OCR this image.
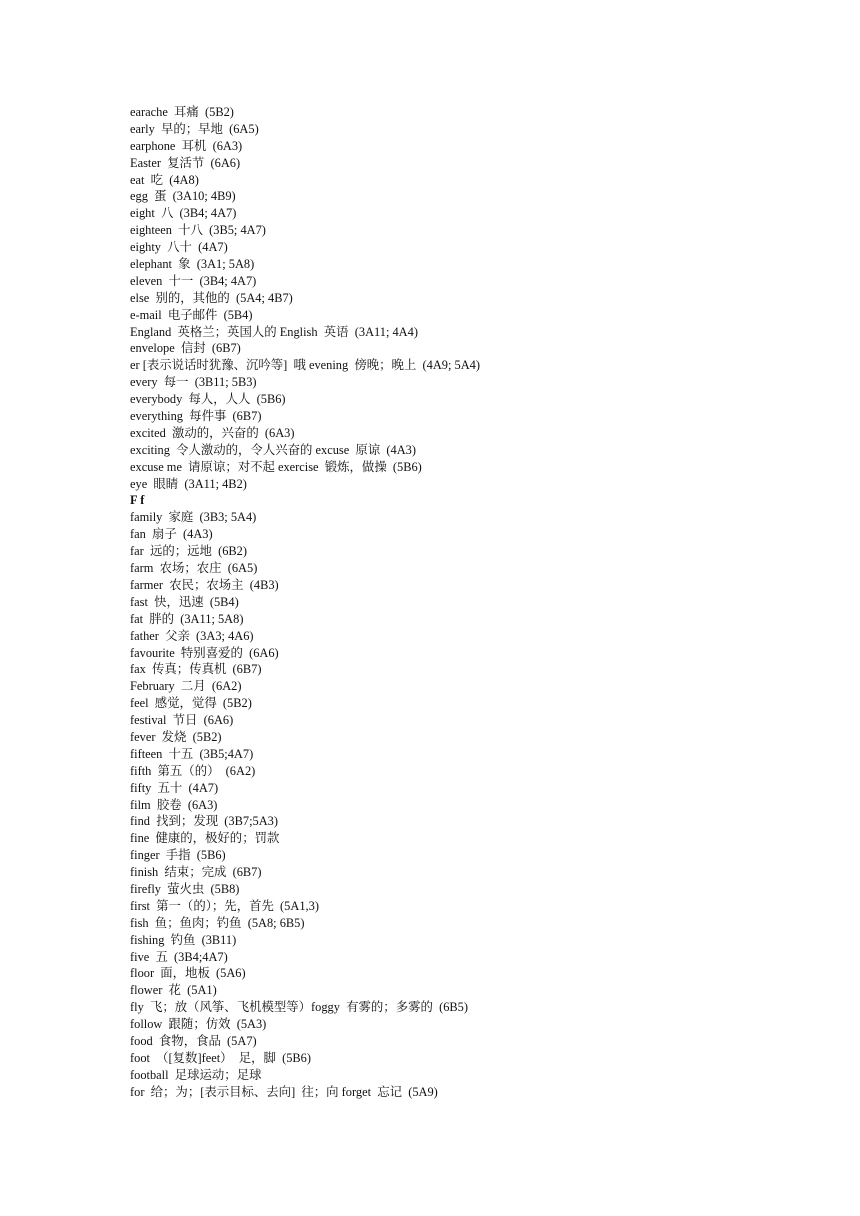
earache  耳痛  (5B2)
early  早的；早地  (6A5)
earphone  耳机  (6A3)
Easter  复活节  (6A6)
eat  吃  (4A8)
egg  蛋  (3A10; 4B9)
eight  八  (3B4; 4A7)
eighteen  十八  (3B5; 4A7)
eighty  八十  (4A7)
elephant  象  (3A1; 5A8)
eleven  十一  (3B4; 4A7)
else  别的，其他的  (5A4; 4B7)
e-mail  电子邮件  (5B4)
England  英格兰；英国人的 English  英语  (3A11; 4A4)
envelope  信封  (6B7)
er [表示说话时犹豫、沉吟等]  哦 evening  傍晚；晚上  (4A9; 5A4)
every  每一  (3B11; 5B3)
everybody  每人，人人  (5B6)
everything  每件事  (6B7)
excited  激动的，兴奋的  (6A3)
exciting  令人激动的，令人兴奋的 excuse  原谅  (4A3)
excuse me  请原谅；对不起 exercise  锻炼，做操  (5B6)
eye  眼睛  (3A11; 4B2)
F f
family  家庭  (3B3; 5A4)
fan  扇子  (4A3)
far  远的；远地  (6B2)
farm  农场；农庄  (6A5)
farmer  农民；农场主  (4B3)
fast  快，迅速  (5B4)
fat  胖的  (3A11; 5A8)
father  父亲  (3A3; 4A6)
favourite  特别喜爱的  (6A6)
fax  传真；传真机  (6B7)
February  二月  (6A2)
feel  感觉，觉得  (5B2)
festival  节日  (6A6)
fever  发烧  (5B2)
fifteen  十五  (3B5;4A7)
fifth  第五（的）  (6A2)
fifty  五十  (4A7)
film  胶卷  (6A3)
find  找到；发现  (3B7;5A3)
fine  健康的，极好的；罚款
finger  手指  (5B6)
finish  结束；完成  (6B7)
firefly  萤火虫  (5B8)
first  第一（的）；先，首先  (5A1,3)
fish  鱼；鱼肉；钓鱼  (5A8; 6B5)
fishing  钓鱼  (3B11)
five  五  (3B4;4A7)
floor  面，地板  (5A6)
flower  花  (5A1)
fly  飞；放（风筝、飞机模型等）foggy  有雾的；多雾的  (6B5)
follow  跟随；仿效  (5A3)
food  食物，食品  (5A7)
foot  （[复数]feet）  足，脚  (5B6)
football  足球运动；足球
for  给；为；[表示目标、去向]  往；向 forget  忘记  (5A9)
